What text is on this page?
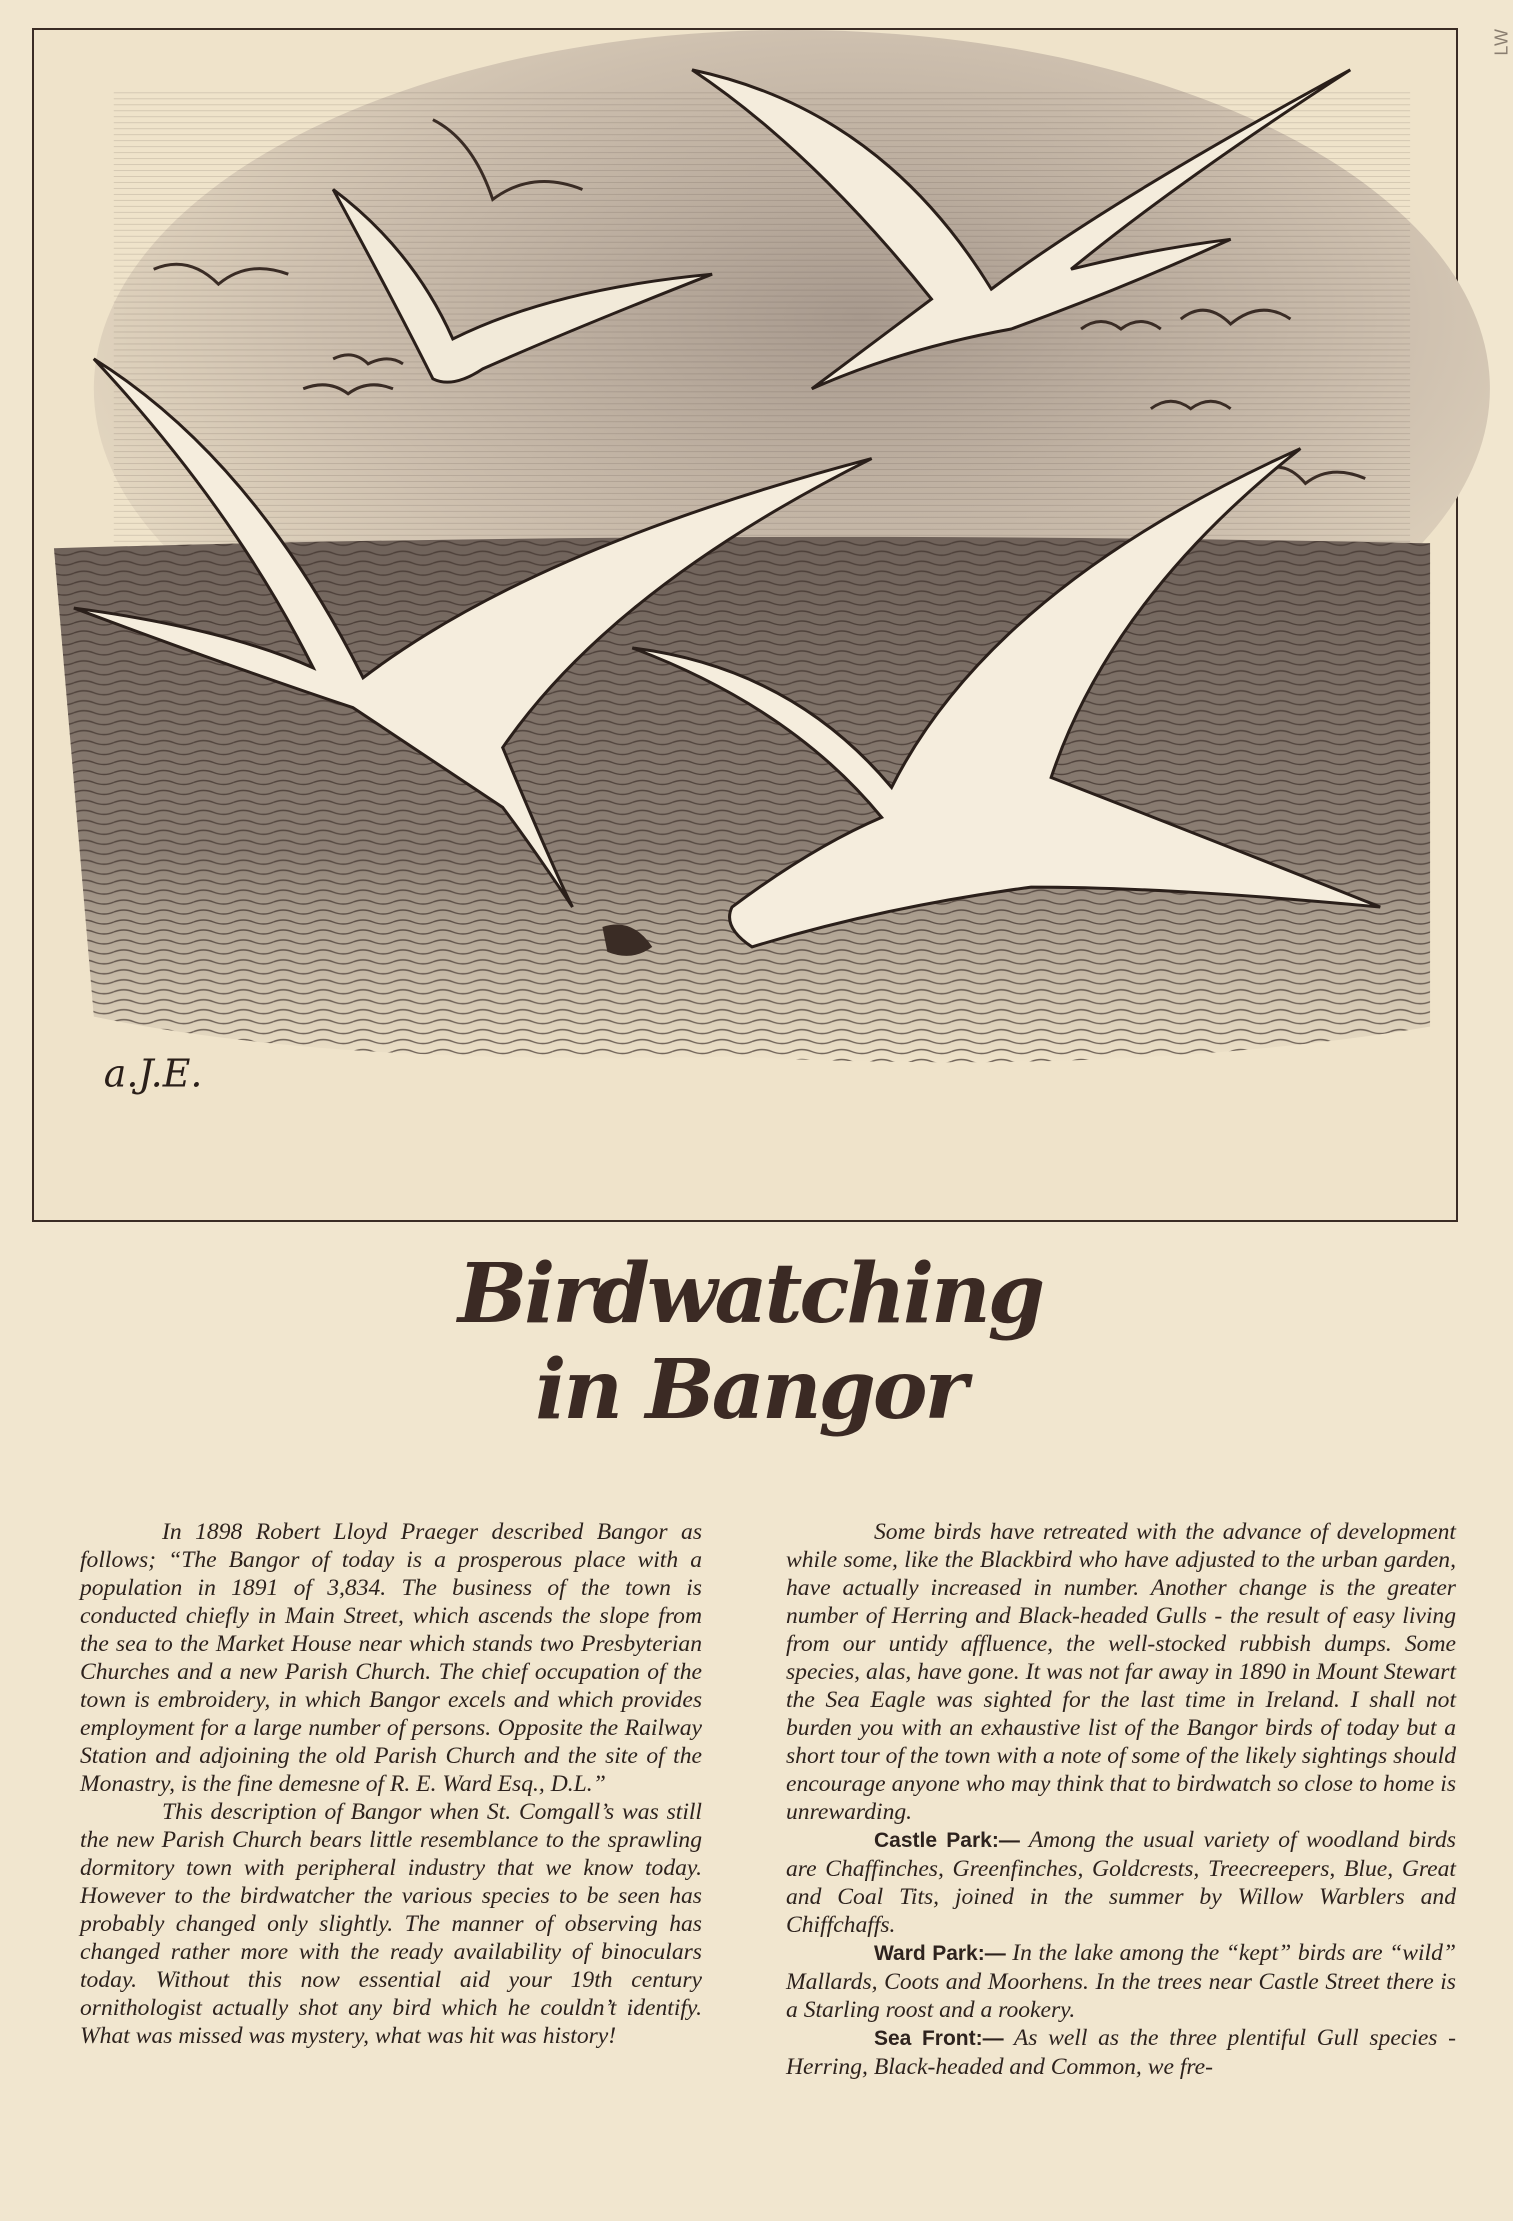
LW
a.J.E.
Birdwatching
in Bangor

In 1898 Robert Lloyd Praeger described Bangor as follows; “The Bangor of today is a prosperous place with a population in 1891 of 3,834. The business of the town is conducted chiefly in Main Street, which ascends the slope from the sea to the Market House near which stands two Presbyterian Churches and a new Parish Church. The chief occupation of the town is embroidery, in which Bangor excels and which provides employment for a large number of persons. Opposite the Railway Station and adjoining the old Parish Church and the site of the Monastry, is the fine demesne of R. E. Ward Esq., D.L.”

This description of Bangor when St. Comgall’s was still the new Parish Church bears little resemblance to the sprawling dormitory town with peripheral industry that we know today. However to the birdwatcher the various species to be seen has probably changed only slightly. The manner of observing has changed rather more with the ready availability of binoculars today. Without this now essential aid your 19th century ornithologist actually shot any bird which he couldn’t identify. What was missed was mystery, what was hit was history!

Some birds have retreated with the advance of development while some, like the Blackbird who have adjusted to the urban garden, have actually increased in number. Another change is the greater number of Herring and Black-headed Gulls - the result of easy living from our untidy affluence, the well-stocked rubbish dumps. Some species, alas, have gone. It was not far away in 1890 in Mount Stewart the Sea Eagle was sighted for the last time in Ireland. I shall not burden you with an exhaustive list of the Bangor birds of today but a short tour of the town with a note of some of the likely sightings should encourage anyone who may think that to birdwatch so close to home is unrewarding.

Castle Park:— Among the usual variety of woodland birds are Chaffinches, Greenfinches, Goldcrests, Treecreepers, Blue, Great and Coal Tits, joined in the summer by Willow Warblers and Chiffchaffs.

Ward Park:— In the lake among the “kept” birds are “wild” Mallards, Coots and Moorhens. In the trees near Castle Street there is a Starling roost and a rookery.

Sea Front:— As well as the three plentiful Gull species - Herring, Black-headed and Common, we fre-
